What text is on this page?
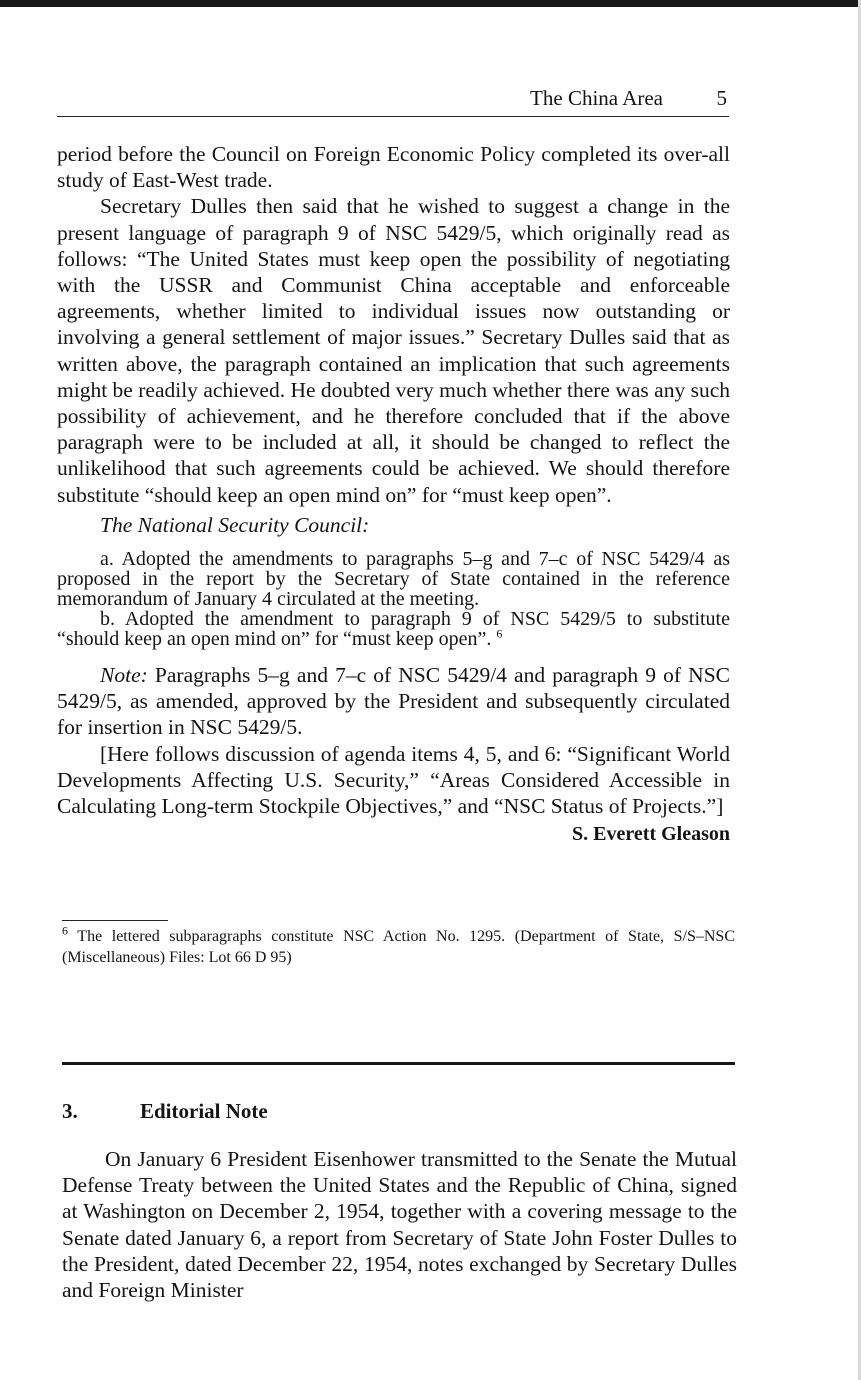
The China Area	5

period before the Council on Foreign Economic Policy completed its over-all study of East-West trade.

Secretary Dulles then said that he wished to suggest a change in the present language of paragraph 9 of NSC 5429/5, which originally read as follows: “The United States must keep open the possibility of negotiating with the USSR and Communist China acceptable and enforceable agreements, whether limited to individual issues now outstanding or involving a general settlement of major issues.” Secretary Dulles said that as written above, the paragraph contained an implication that such agreements might be readily achieved. He doubted very much whether there was any such possibility of achievement, and he therefore concluded that if the above paragraph were to be included at all, it should be changed to reflect the unlikelihood that such agreements could be achieved. We should therefore substitute “should keep an open mind on” for “must keep open”.

The National Security Council:

a. Adopted the amendments to paragraphs 5–g and 7–c of NSC 5429/4 as proposed in the report by the Secretary of State contained in the reference memorandum of January 4 circulated at the meeting.

b. Adopted the amendment to paragraph 9 of NSC 5429/5 to substitute “should keep an open mind on” for “must keep open”. $^6$

Note: Paragraphs 5–g and 7–c of NSC 5429/4 and paragraph 9 of NSC 5429/5, as amended, approved by the President and subsequently circulated for insertion in NSC 5429/5.

[Here follows discussion of agenda items 4, 5, and 6: “Significant World Developments Affecting U.S. Security,” “Areas Considered Accessible in Calculating Long-term Stockpile Objectives,” and “NSC Status of Projects.”]

S. Everett Gleason

$^6$ The lettered subparagraphs constitute NSC Action No. 1295. (Department of State, S/S–NSC (Miscellaneous) Files: Lot 66 D 95)
3.	Editorial Note

On January 6 President Eisenhower transmitted to the Senate the Mutual Defense Treaty between the United States and the Republic of China, signed at Washington on December 2, 1954, together with a covering message to the Senate dated January 6, a report from Secretary of State John Foster Dulles to the President, dated December 22, 1954, notes exchanged by Secretary Dulles and Foreign Minister
